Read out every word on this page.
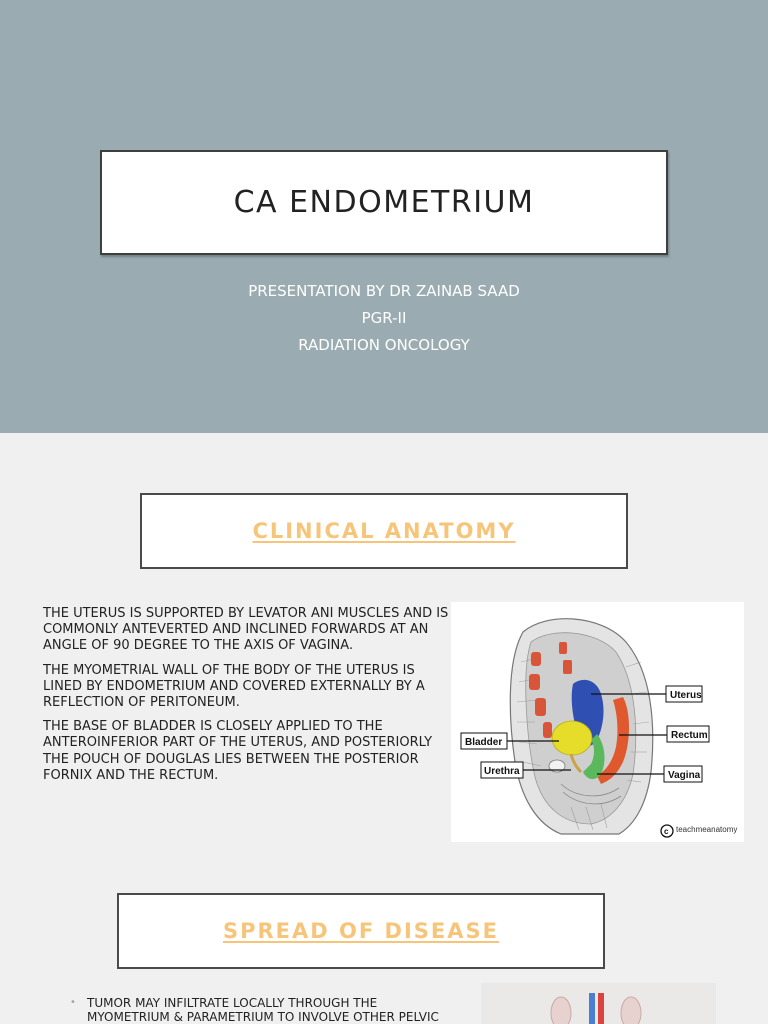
CA ENDOMETRIUM
PRESENTATION BY DR ZAINAB SAAD
PGR-II
RADIATION ONCOLOGY
CLINICAL ANATOMY

THE UTERUS IS SUPPORTED BY LEVATOR ANI MUSCLES AND IS COMMONLY ANTEVERTED AND INCLINED FORWARDS AT AN ANGLE OF 90 DEGREE TO THE AXIS OF VAGINA.

THE MYOMETRIAL WALL OF THE BODY OF THE UTERUS IS LINED BY ENDOMETRIUM AND COVERED EXTERNALLY BY A REFLECTION OF PERITONEUM.

THE BASE OF BLADDER IS CLOSELY APPLIED TO THE ANTEROINFERIOR PART OF THE UTERUS, AND POSTERIORLY THE POUCH OF DOUGLAS LIES BETWEEN THE POSTERIOR FORNIX AND THE RECTUM.

Uterus
Rectum
Vagina
Bladder
Urethra
c teachmeanatomy
SPREAD OF DISEASE
• TUMOR MAY INFILTRATE LOCALLY THROUGH THE MYOMETRIUM & PARAMETRIUM TO INVOLVE OTHER PELVIC
